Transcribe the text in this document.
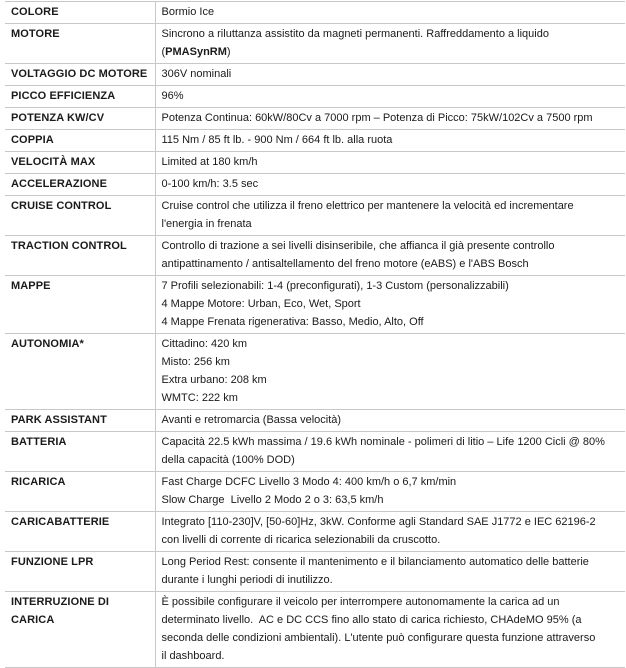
COLORE	Bormio Ice

MOTORE	Sincrono a riluttanza assistito da magneti permanenti. Raffreddamento a liquido
(PMASynRM)

VOLTAGGIO DC MOTORE	306V nominali

PICCO EFFICIENZA	96%

POTENZA KW/CV	Potenza Continua: 60kW/80Cv a 7000 rpm – Potenza di Picco: 75kW/102Cv a 7500 rpm

COPPIA	115 Nm / 85 ft lb. - 900 Nm / 664 ft lb. alla ruota

VELOCITÀ MAX	Limited at 180 km/h

ACCELERAZIONE	0-100 km/h: 3.5 sec

CRUISE CONTROL	Cruise control che utilizza il freno elettrico per mantenere la velocità ed incrementare
l'energia in frenata

TRACTION CONTROL	Controllo di trazione a sei livelli disinseribile, che affianca il già presente controllo
antipattinamento / antisaltellamento del freno motore (eABS) e l'ABS Bosch

MAPPE	7 Profili selezionabili: 1-4 (preconfigurati), 1-3 Custom (personalizzabili)
4 Mappe Motore: Urban, Eco, Wet, Sport
4 Mappe Frenata rigenerativa: Basso, Medio, Alto, Off

AUTONOMIA*	Cittadino: 420 km
Misto: 256 km
Extra urbano: 208 km
WMTC: 222 km

PARK ASSISTANT	Avanti e retromarcia (Bassa velocità)

BATTERIA	Capacità 22.5 kWh massima / 19.6 kWh nominale - polimeri di litio – Life 1200 Cicli @ 80%
della capacità (100% DOD)

RICARICA	Fast Charge DCFC Livello 3 Modo 4: 400 km/h o 6,7 km/min
Slow Charge  Livello 2 Modo 2 o 3: 63,5 km/h

CARICABATTERIE	Integrato [110-230]V, [50-60]Hz, 3kW. Conforme agli Standard SAE J1772 e IEC 62196-2
con livelli di corrente di ricarica selezionabili da cruscotto.

FUNZIONE LPR	Long Period Rest: consente il mantenimento e il bilanciamento automatico delle batterie
durante i lunghi periodi di inutilizzo.

INTERRUZIONE DI CARICA	È possibile configurare il veicolo per interrompere autonomamente la carica ad un
determinato livello.  AC e DC CCS fino allo stato di carica richiesto, CHAdeMO 95% (a
seconda delle condizioni ambientali). L'utente può configurare questa funzione attraverso
il dashboard.
